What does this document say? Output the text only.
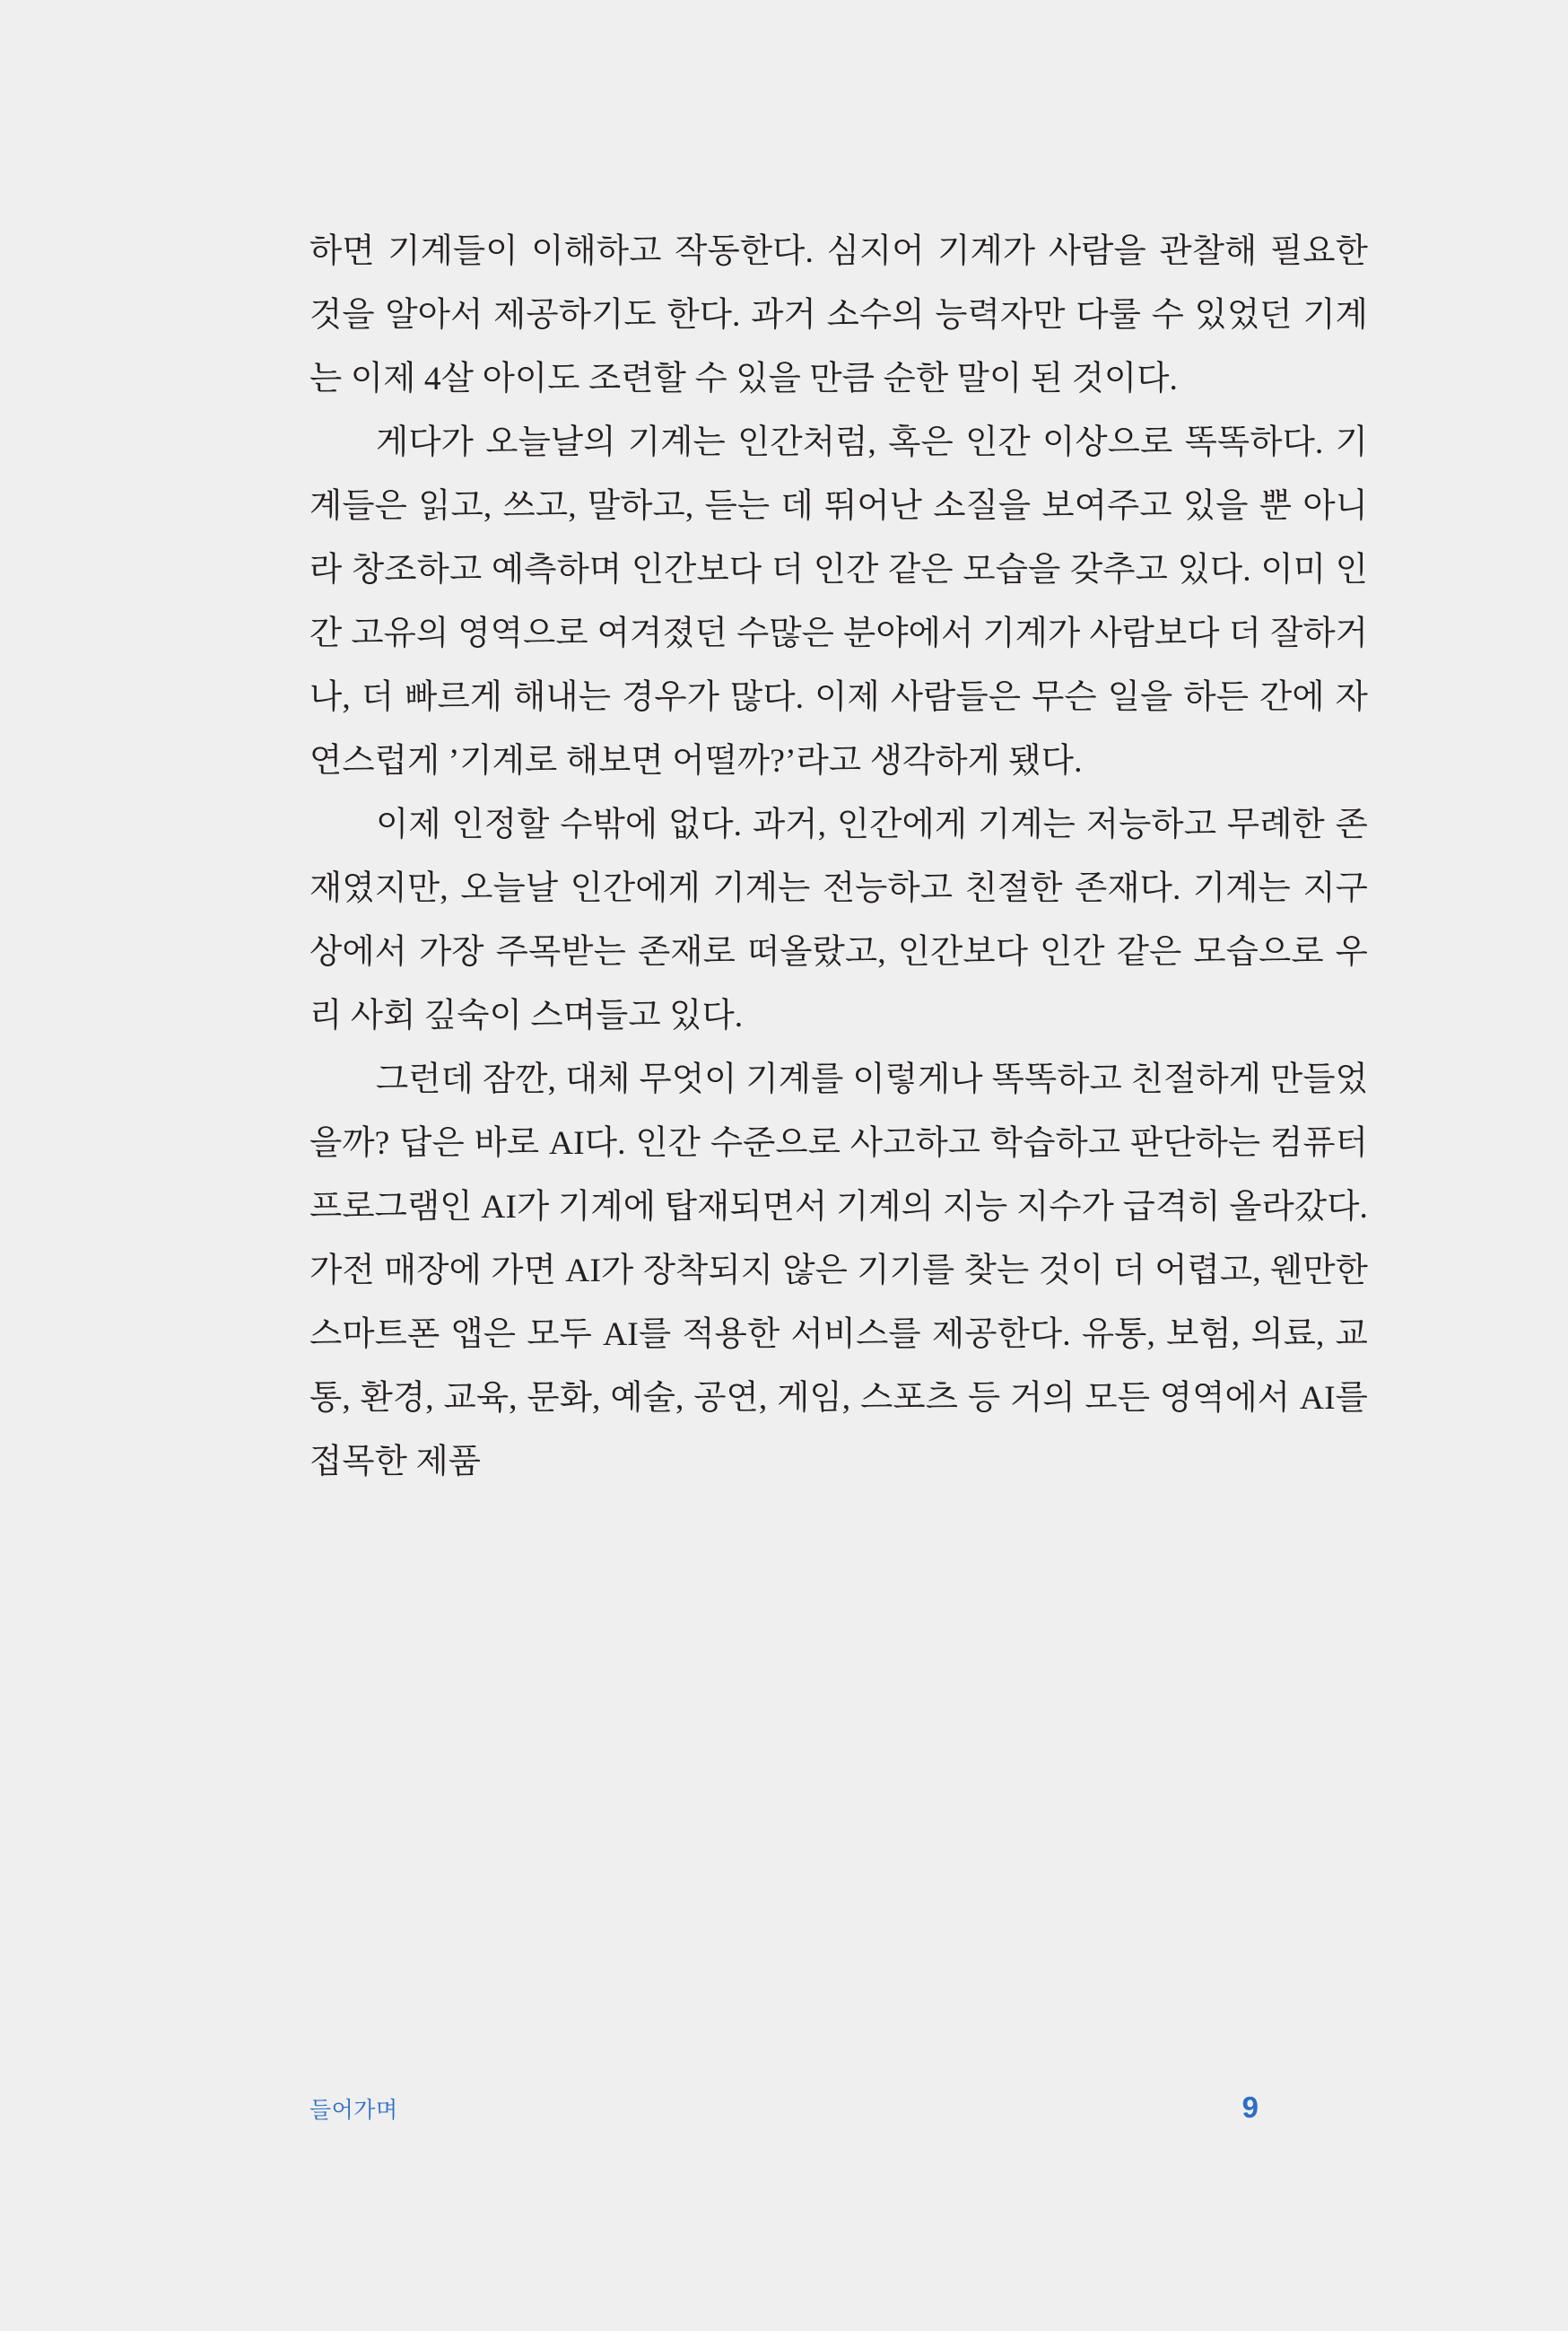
하면 기계들이 이해하고 작동한다. 심지어 기계가 사람을 관찰해 필요한 것을 알아서 제공하기도 한다. 과거 소수의 능력자만 다룰 수 있었던 기계는 이제 4살 아이도 조련할 수 있을 만큼 순한 말이 된 것이다.

게다가 오늘날의 기계는 인간처럼, 혹은 인간 이상으로 똑똑하다. 기계들은 읽고, 쓰고, 말하고, 듣는 데 뛰어난 소질을 보여주고 있을 뿐 아니라 창조하고 예측하며 인간보다 더 인간 같은 모습을 갖추고 있다. 이미 인간 고유의 영역으로 여겨졌던 수많은 분야에서 기계가 사람보다 더 잘하거나, 더 빠르게 해내는 경우가 많다. 이제 사람들은 무슨 일을 하든 간에 자연스럽게 ’기계로 해보면 어떨까?’라고 생각하게 됐다.

이제 인정할 수밖에 없다. 과거, 인간에게 기계는 저능하고 무례한 존재였지만, 오늘날 인간에게 기계는 전능하고 친절한 존재다. 기계는 지구상에서 가장 주목받는 존재로 떠올랐고, 인간보다 인간 같은 모습으로 우리 사회 깊숙이 스며들고 있다.

그런데 잠깐, 대체 무엇이 기계를 이렇게나 똑똑하고 친절하게 만들었을까? 답은 바로 AI다. 인간 수준으로 사고하고 학습하고 판단하는 컴퓨터 프로그램인 AI가 기계에 탑재되면서 기계의 지능 지수가 급격히 올라갔다. 가전 매장에 가면 AI가 장착되지 않은 기기를 찾는 것이 더 어렵고, 웬만한 스마트폰 앱은 모두 AI를 적용한 서비스를 제공한다. 유통, 보험, 의료, 교통, 환경, 교육, 문화, 예술, 공연, 게임, 스포츠 등 거의 모든 영역에서 AI를 접목한 제품

들어가며	9
